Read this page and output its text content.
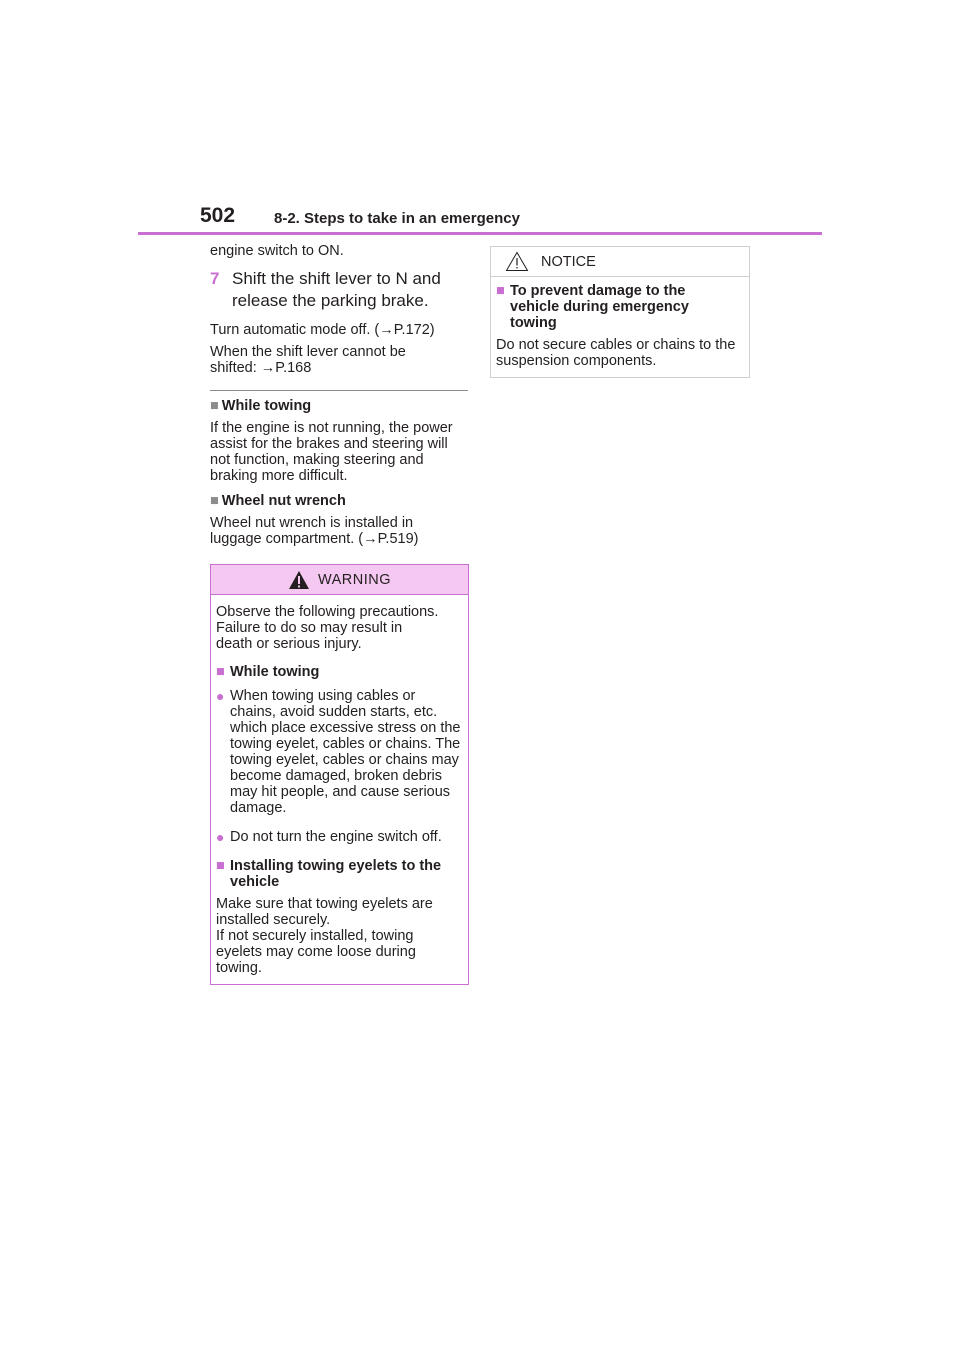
502	8-2. Steps to take in an emergency

engine switch to ON.

7 Shift the shift lever to N and release the parking brake.

Turn automatic mode off. (→P.172)

When the shift lever cannot be shifted: →P.168

■ While towing

If the engine is not running, the power assist for the brakes and steering will not function, making steering and braking more difficult.

■ Wheel nut wrench

Wheel nut wrench is installed in luggage compartment. (→P.519)

WARNING

Observe the following precautions.

Failure to do so may result in death or serious injury.

■ While towing
● When towing using cables or chains, avoid sudden starts, etc. which place excessive stress on the towing eyelet, cables or chains. The towing eyelet, cables or chains may become damaged, broken debris may hit people, and cause serious damage.
● Do not turn the engine switch off.
■ Installing towing eyelets to the vehicle

Make sure that towing eyelets are installed securely.

If not securely installed, towing eyelets may come loose during towing.

NOTICE
■ To prevent damage to the vehicle during emergency towing

Do not secure cables or chains to the suspension components.
